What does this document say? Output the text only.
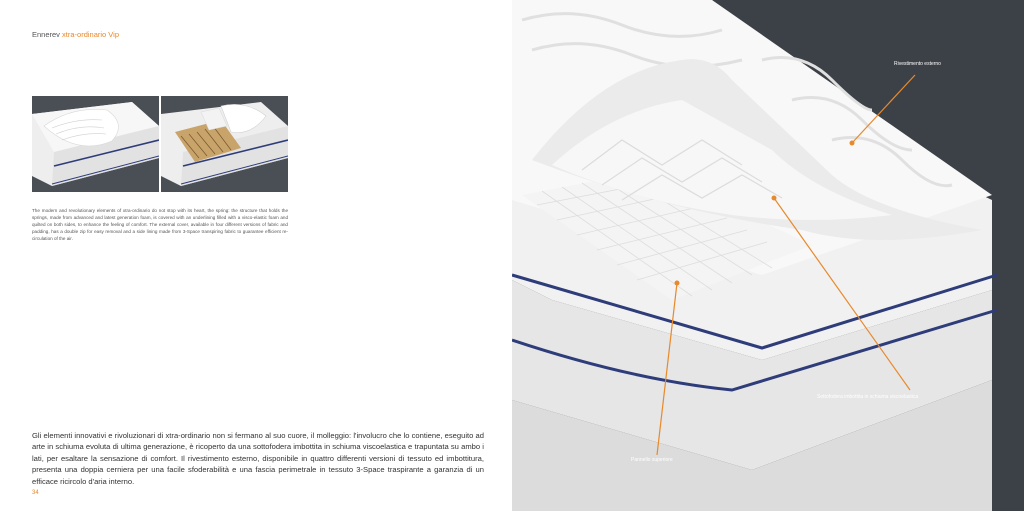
Ennerev xtra-ordinario Vip
The modern and revolutionary elements of xtra-ordinario do not stop with its heart, the spring: the structure that holds the springs, made from advanced and latest generation foam, is covered with an underlining filled with a visco-elastic foam and quilted on both sides, to enhance the feeling of comfort. The external cover, available in four different versions of fabric and padding, has a double zip for easy removal and a side lining made from 3-Space transpiring fabric to guarantee efficient re-circulation of the air.
Gli elementi innovativi e rivoluzionari di xtra-ordinario non si fermano al suo cuore, il molleggio: l'involucro che lo contiene, eseguito ad arte in schiuma evoluta di ultima generazione, è ricoperto da una sottofodera imbottita in schiuma viscoelastica e trapuntata su ambo i lati, per esaltare la sensazione di comfort. Il rivestimento esterno, disponibile in quattro differenti versioni di tessuto ed imbottitura, presenta una doppia cerniera per una facile sfoderabilità e una fascia perimetrale in tessuto 3-Space traspirante a garanzia di un efficace ricircolo d'aria interno.
34
Rivestimento esterno
Sottofodera imbottita in schiuma viscoelastica
Pannello superiore
